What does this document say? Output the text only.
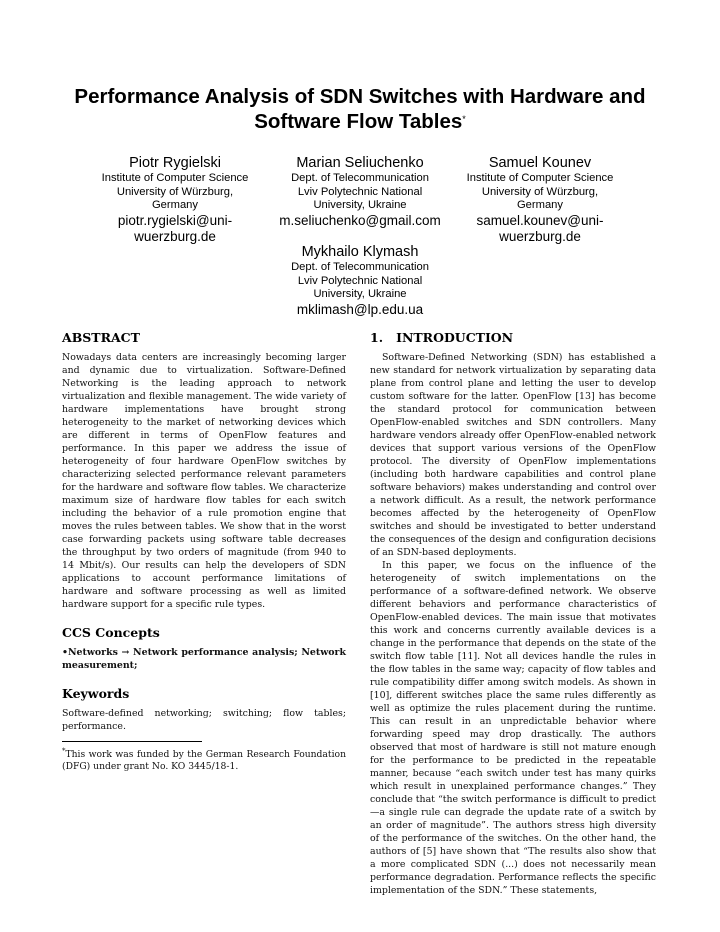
Performance Analysis of SDN Switches with Hardware and
Software Flow Tables*
Piotr Rygielski
Institute of Computer Science
University of Würzburg,
Germany
piotr.rygielski@uni-
wuerzburg.de
Marian Seliuchenko
Dept. of Telecommunication
Lviv Polytechnic National
University, Ukraine
m.seliuchenko@gmail.com
Samuel Kounev
Institute of Computer Science
University of Würzburg,
Germany
samuel.kounev@uni-
wuerzburg.de
Mykhailo Klymash
Dept. of Telecommunication
Lviv Polytechnic National
University, Ukraine
mklimash@lp.edu.ua
ABSTRACT

Nowadays data centers are increasingly becoming larger and dynamic due to virtualization. Software-Defined Networking is the leading approach to network virtualization and flexible management. The wide variety of hardware implementations have brought strong heterogeneity to the market of networking devices which are different in terms of OpenFlow features and performance. In this paper we address the issue of heterogeneity of four hardware OpenFlow switches by characterizing selected performance relevant parameters for the hardware and software flow tables. We characterize maximum size of hardware flow tables for each switch including the behavior of a rule promotion engine that moves the rules between tables. We show that in the worst case forwarding packets using software table decreases the throughput by two orders of magnitude (from 940 to 14 Mbit/s). Our results can help the developers of SDN applications to account performance limitations of hardware and software processing as well as limited hardware support for a specific rule types.

CCS Concepts

•Networks → Network performance analysis; Network measurement;

Keywords

Software-defined networking; switching; flow tables; performance.

*This work was funded by the German Research Foundation (DFG) under grant No. KO 3445/18-1.

1.   INTRODUCTION

Software-Defined Networking (SDN) has established a new standard for network virtualization by separating data plane from control plane and letting the user to develop custom software for the latter. OpenFlow [13] has become the standard protocol for communication between OpenFlow-enabled switches and SDN controllers. Many hardware vendors already offer OpenFlow-enabled network devices that support various versions of the OpenFlow protocol. The diversity of OpenFlow implementations (including both hardware capabilities and control plane software behaviors) makes understanding and control over a network difficult. As a result, the network performance becomes affected by the heterogeneity of OpenFlow switches and should be investigated to better understand the consequences of the design and configuration decisions of an SDN-based deployments.

In this paper, we focus on the influence of the heterogeneity of switch implementations on the performance of a software-defined network. We observe different behaviors and performance characteristics of OpenFlow-enabled devices. The main issue that motivates this work and concerns currently available devices is a change in the performance that depends on the state of the switch flow table [11]. Not all devices handle the rules in the flow tables in the same way; capacity of flow tables and rule compatibility differ among switch models. As shown in [10], different switches place the same rules differently as well as optimize the rules placement during the runtime. This can result in an unpredictable behavior where forwarding speed may drop drastically. The authors observed that most of hardware is still not mature enough for the performance to be predicted in the repeatable manner, because “each switch under test has many quirks which result in unexplained performance changes.” They conclude that “the switch performance is difficult to predict—a single rule can degrade the update rate of a switch by an order of magnitude”. The authors stress high diversity of the performance of the switches. On the other hand, the authors of [5] have shown that “The results also show that a more complicated SDN (...) does not necessarily mean performance degradation. Performance reflects the specific implementation of the SDN.” These statements,
